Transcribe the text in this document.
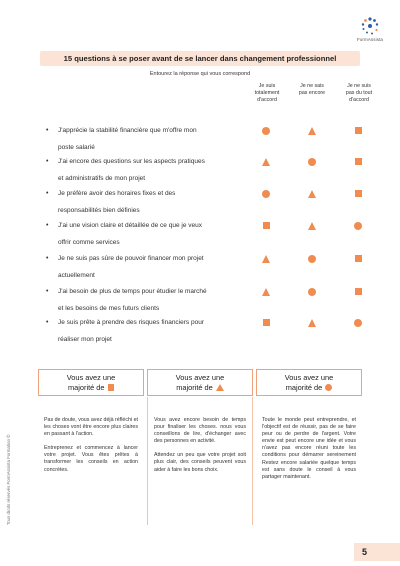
FormAssista
15 questions à se poser avant de se lancer dans changement professionnel
Entourez la réponse qui vous correspond
Je suis
totalement
d'accord
Je ne sais
pas encore
Je ne suis
pas du tout
d'accord
• J'apprécie la stabilité financière que m'offre mon
poste salarié
• J'ai encore des questions sur les aspects pratiques
et administratifs de mon projet
• Je préfère avoir des horaires fixes et des
responsabilités bien définies
• J'ai une vision claire et détaillée de ce que je veux
offrir comme services
• Je ne suis pas sûre de pouvoir financer mon projet
actuellement
• J'ai besoin de plus de temps pour étudier le marché
et les besoins de mes futurs clients
• Je suis prête à prendre des risques financiers pour
réaliser mon projet
Vous avez une
majorité de
Vous avez une
majorité de
Vous avez une
majorité de

Pas de doute, vous avez déjà réfléchi et les choses vont être encore plus claires en passant à l'action.

Entreprenez et commencez à lancer votre projet. Vous êtes prêtes à transformer les conseils en action concrètes.

Vous avez encore besoin de temps pour finaliser les choses. nous vous conseillons de lire, d'échanger avec des personnes en activité.

Attendez un peu que votre projet soit plus clair, des conseils peuvent vous aider à faire les bons choix.

Toute le monde peut entreprendre, et l'objectif est de réussir, pas de se faire peur ou de perdre de l'argent. Votre envie est peut encore une idée et vous n'avez pas encore réuni toute les conditions pour démarrer sereinement Restez encore salariée quelque temps est sans doute le conseil à vous partager maintenant.

Tous droits réservés FormAssista Formation ©
5
